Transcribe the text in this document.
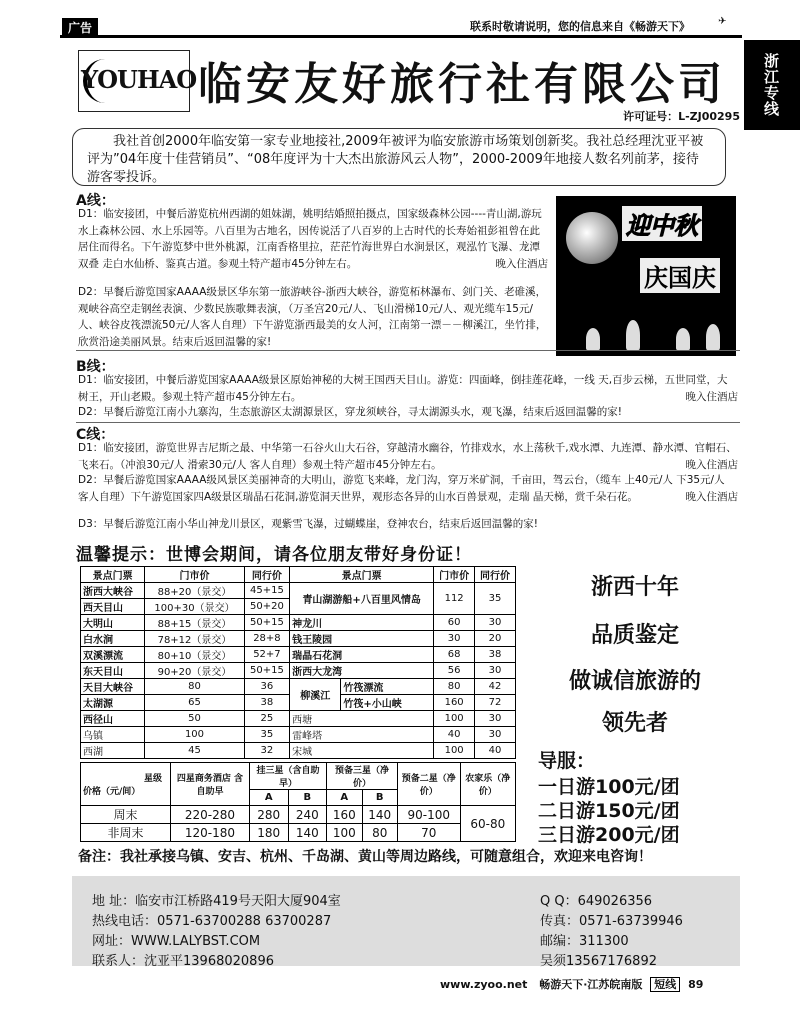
广告	联系时敬请说明，您的信息来自《畅游天下》	✈
浙江专线
YOUHAO 临安友好旅行社有限公司
许可证号：L-ZJ00295
我社首创2000年临安第一家专业地接社,2009年被评为临安旅游市场策划创新奖。我社总经理沈亚平被评为”04年度十佳营销员”、“08年度评为十大杰出旅游风云人物”，2000-2009年地接人数名列前茅，接待游客零投诉。
A线：
D1：临安接团，中餐后游览杭州西湖的姐妹湖，姚明结婚照拍摄点，国家级森林公园----青山湖,游玩水上森林公园、水上乐园等。八百里为古地名，因传说活了八百岁的上古时代的长寿始祖彭祖曾在此居住而得名。下午游览梦中世外桃源，江南香格里拉，茫茫竹海世界白水涧景区，观泓竹飞瀑、龙潭双叠 走白水仙桥、鉴真古道。参观土特产超市45分钟左右。	晚入住酒店
D2：早餐后游览国家AAAA级景区华东第一旅游峡谷-浙西大峡谷，游览柘林瀑布、剑门关、老碓溪，观峡谷高空走钢丝表演、少数民族歌舞表演，（万圣宫20元/人、飞山滑梯10元/人、观光缆车15元/人、峡谷皮筏漂流50元/人客人自理）下午游览浙西最美的女人河，江南第一漂－－柳溪江，坐竹排，欣赏沿途美丽风景。结束后返回温馨的家!
迎中秋
庆国庆
B线：
D1：临安接团，中餐后游览国家AAAA级景区原始神秘的大树王国西天目山。游览：四面峰，倒挂莲花峰，一线 天,百步云梯，五世同堂，大树王，开山老殿。参观土特产超市45分钟左右。	晚入住酒店
D2：早餐后游览江南小九寨沟，生态旅游区太湖源景区，穿龙须峡谷，寻太湖源头水，观飞瀑，结束后返回温馨的家!
C线：
D1：临安接团，游览世界吉尼斯之最、中华第一石谷火山大石谷，穿越清水幽谷，竹排戏水，水上荡秋千,戏水潭、九连潭、静水潭、官帽石、飞来石。（冲浪30元/人 滑索30元/人 客人自理）参观土特产超市45分钟左右。	晚入住酒店
D2：早餐后游览国家AAAA级风景区美丽神奇的大明山，游览飞来峰，龙门沟，穿万米矿洞，千亩田，驾云台，（缆车 上40元/人 下35元/人 客人自理）下午游览国家四A级景区瑞晶石花洞,游览洞天世界，观形态各异的山水百兽景观，走瑞 晶天梯，赏千朵石花。	晚入住酒店
D3：早餐后游览江南小华山神龙川景区，观紫雪飞瀑，过蝴蝶崖，登神农台，结束后返回温馨的家!
温馨提示：世博会期间，请各位朋友带好身份证！
景点门票	门市价	同行价	景点门票		门市价	同行价
浙西大峡谷	88+20（景交）	45+15	青山湖游船+八百里风情岛		112	35
西天目山	100+30（景交）	50+20				
大明山	88+15（景交）	50+15	神龙川		60	30
白水涧	78+12（景交）	28+8	钱王陵园		30	20
双溪漂流	80+10（景交）	52+7	瑞晶石花洞		68	38
东天目山	90+20（景交）	50+15	浙西大龙湾		56	30
天目大峡谷	80	36	柳溪江	竹筏漂流	80	42
太湖源	65	38		竹筏+小山峡	160	72
西径山	50	25	西塘		100	30
乌镇	100	35	雷峰塔		40	30
西湖	45	32	宋城		100	40
星级
价格（元/间）	四星商务酒店 含自助早	挂三星（含自助早）		预备三星（净价）		预备二星（净价）	农家乐（净价）
		A	B	A	B		
周末	220-280	280	240	160	140	90-100	60-80
非周末	120-180	180	140	100	80	70	
浙西十年
品质鉴定
做诚信旅游的
领先者
导服：
一日游100元/团
二日游150元/团
三日游200元/团
备注：我社承接乌镇、安吉、杭州、千岛湖、黄山等周边路线，可随意组合，欢迎来电咨询！
地 址：临安市江桥路419号天阳大厦904室
热线电话：0571-63700288 63700287
网址：WWW.LALYBST.COM
联系人：沈亚平13968020896
Q Q：649026356
传真：0571-63739946
邮编：311300
吴须13567176892
www.zyoo.net 畅游天下·江苏皖南版 短线 89
